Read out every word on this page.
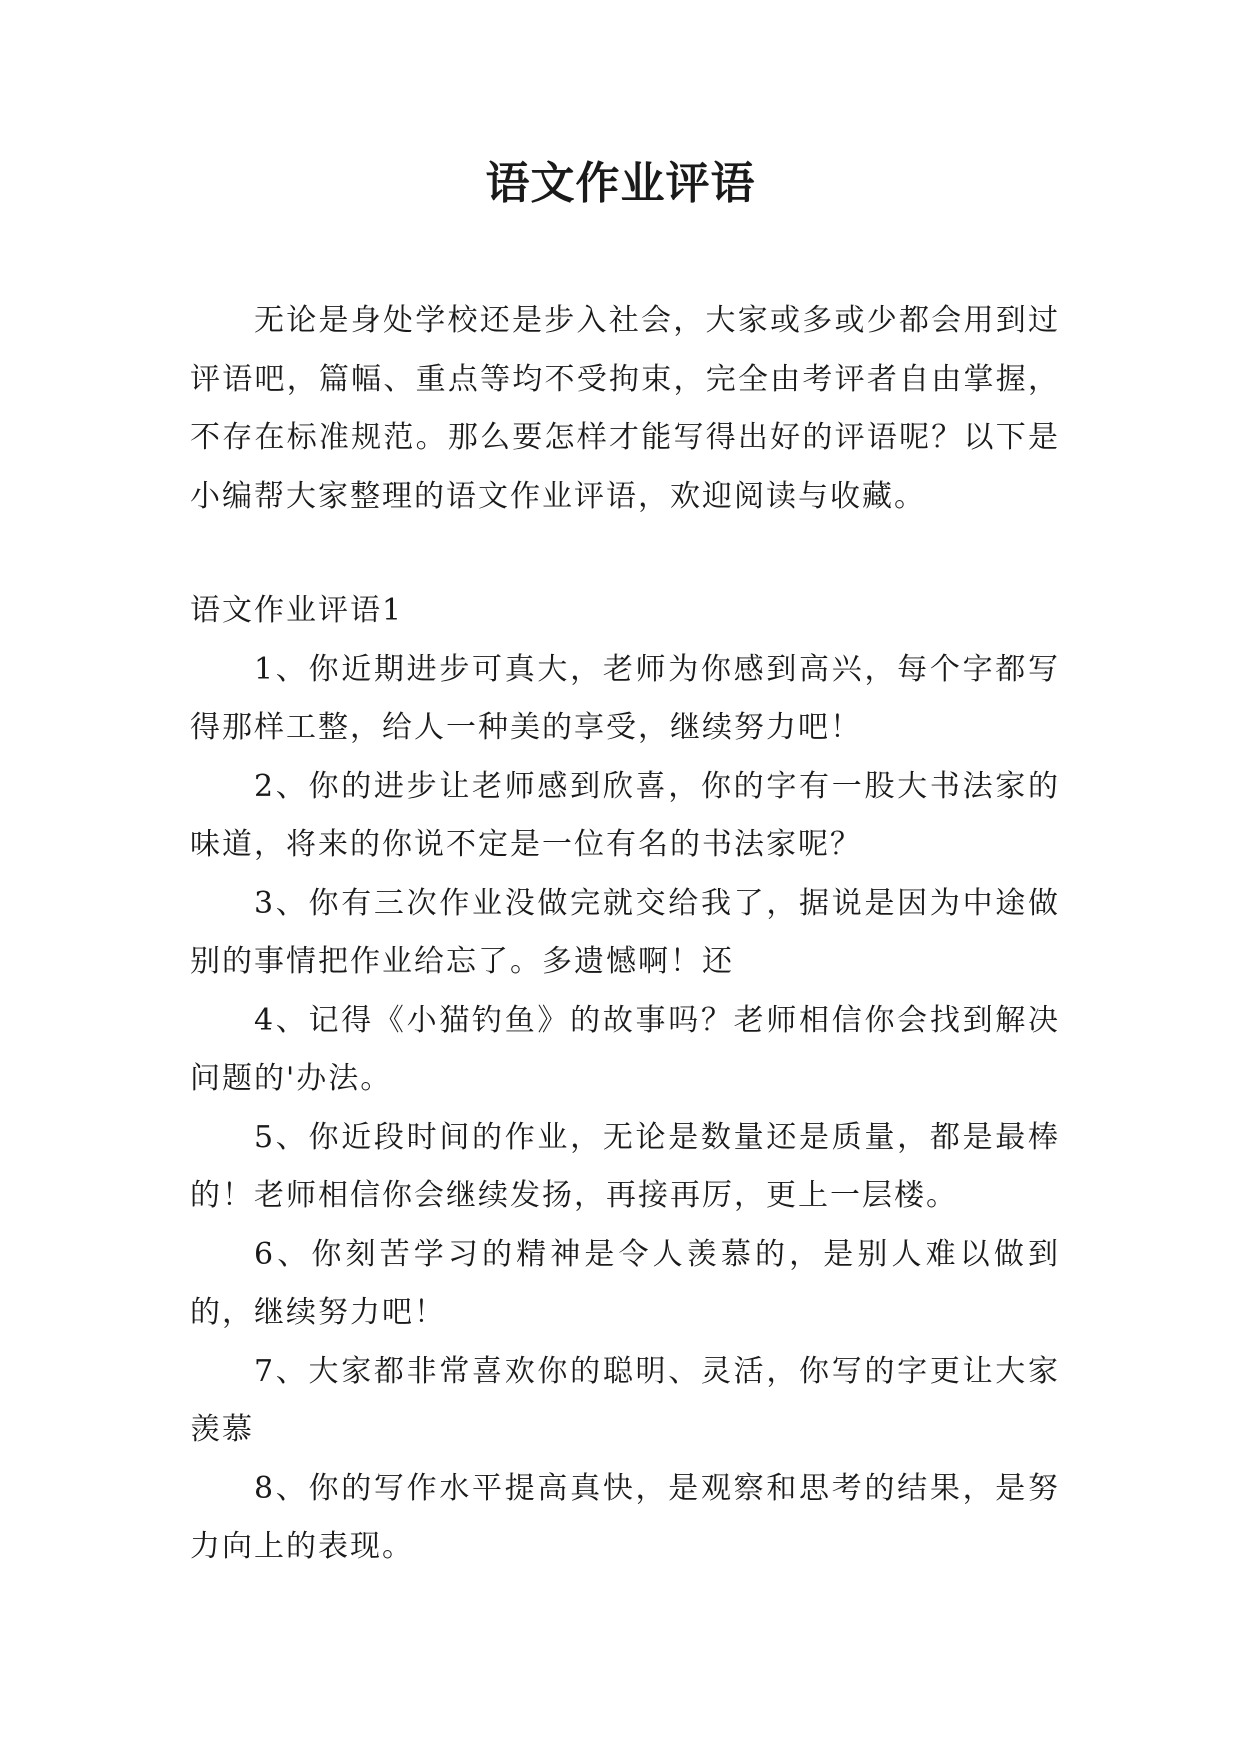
语文作业评语

无论是身处学校还是步入社会，大家或多或少都会用到过评语吧，篇幅、重点等均不受拘束，完全由考评者自由掌握，不存在标准规范。那么要怎样才能写得出好的评语呢？以下是小编帮大家整理的语文作业评语，欢迎阅读与收藏。

语文作业评语1

1、你近期进步可真大，老师为你感到高兴，每个字都写得那样工整，给人一种美的享受，继续努力吧！

2、你的进步让老师感到欣喜，你的字有一股大书法家的味道，将来的你说不定是一位有名的书法家呢？

3、你有三次作业没做完就交给我了，据说是因为中途做别的事情把作业给忘了。多遗憾啊！还

4、记得《小猫钓鱼》的故事吗？老师相信你会找到解决问题的'办法。

5、你近段时间的作业，无论是数量还是质量，都是最棒的！老师相信你会继续发扬，再接再厉，更上一层楼。

6、你刻苦学习的精神是令人羡慕的，是别人难以做到的，继续努力吧！

7、大家都非常喜欢你的聪明、灵活，你写的字更让大家羡慕

8、你的写作水平提高真快，是观察和思考的结果，是努力向上的表现。
